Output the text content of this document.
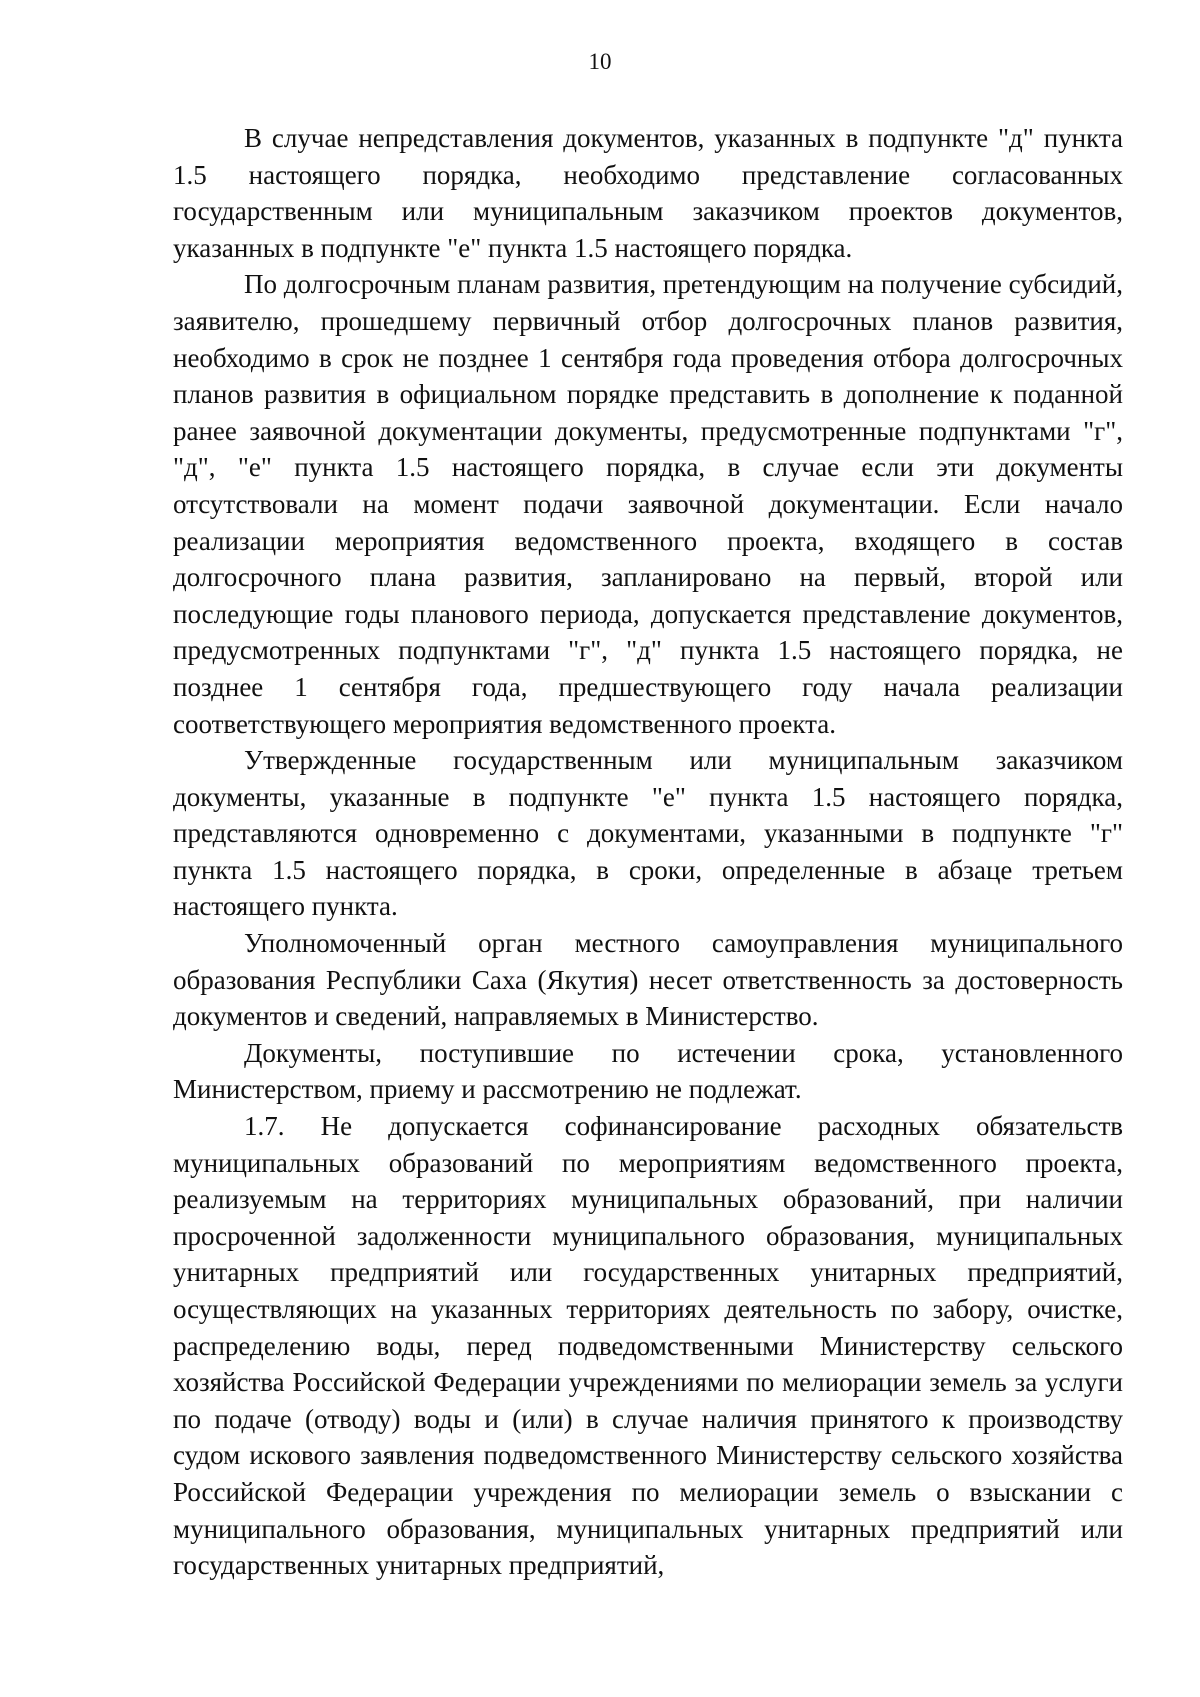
10

В случае непредставления документов, указанных в подпункте "д" пункта 1.5 настоящего порядка, необходимо представление согласованных государственным или муниципальным заказчиком проектов документов, указанных в подпункте "е" пункта 1.5 настоящего порядка.

По долгосрочным планам развития, претендующим на получение субсидий, заявителю, прошедшему первичный отбор долгосрочных планов развития, необходимо в срок не позднее 1 сентября года проведения отбора долгосрочных планов развития в официальном порядке представить в дополнение к поданной ранее заявочной документации документы, предусмотренные подпунктами "г", "д", "е" пункта 1.5 настоящего порядка, в случае если эти документы отсутствовали на момент подачи заявочной документации. Если начало реализации мероприятия ведомственного проекта, входящего в состав долгосрочного плана развития, запланировано на первый, второй или последующие годы планового периода, допускается представление документов, предусмотренных подпунктами "г", "д" пункта 1.5 настоящего порядка, не позднее 1 сентября года, предшествующего году начала реализации соответствующего мероприятия ведомственного проекта.

Утвержденные государственным или муниципальным заказчиком документы, указанные в подпункте "е" пункта 1.5 настоящего порядка, представляются одновременно с документами, указанными в подпункте "г" пункта 1.5 настоящего порядка, в сроки, определенные в абзаце третьем настоящего пункта.

Уполномоченный орган местного самоуправления муниципального образования Республики Саха (Якутия) несет ответственность за достоверность документов и сведений, направляемых в Министерство.

Документы, поступившие по истечении срока, установленного Министерством, приему и рассмотрению не подлежат.

1.7. Не допускается софинансирование расходных обязательств муниципальных образований по мероприятиям ведомственного проекта, реализуемым на территориях муниципальных образований, при наличии просроченной задолженности муниципального образования, муниципальных унитарных предприятий или государственных унитарных предприятий, осуществляющих на указанных территориях деятельность по забору, очистке, распределению воды, перед подведомственными Министерству сельского хозяйства Российской Федерации учреждениями по мелиорации земель за услуги по подаче (отводу) воды и (или) в случае наличия принятого к производству судом искового заявления подведомственного Министерству сельского хозяйства Российской Федерации учреждения по мелиорации земель о взыскании с муниципального образования, муниципальных унитарных предприятий или государственных унитарных предприятий,
